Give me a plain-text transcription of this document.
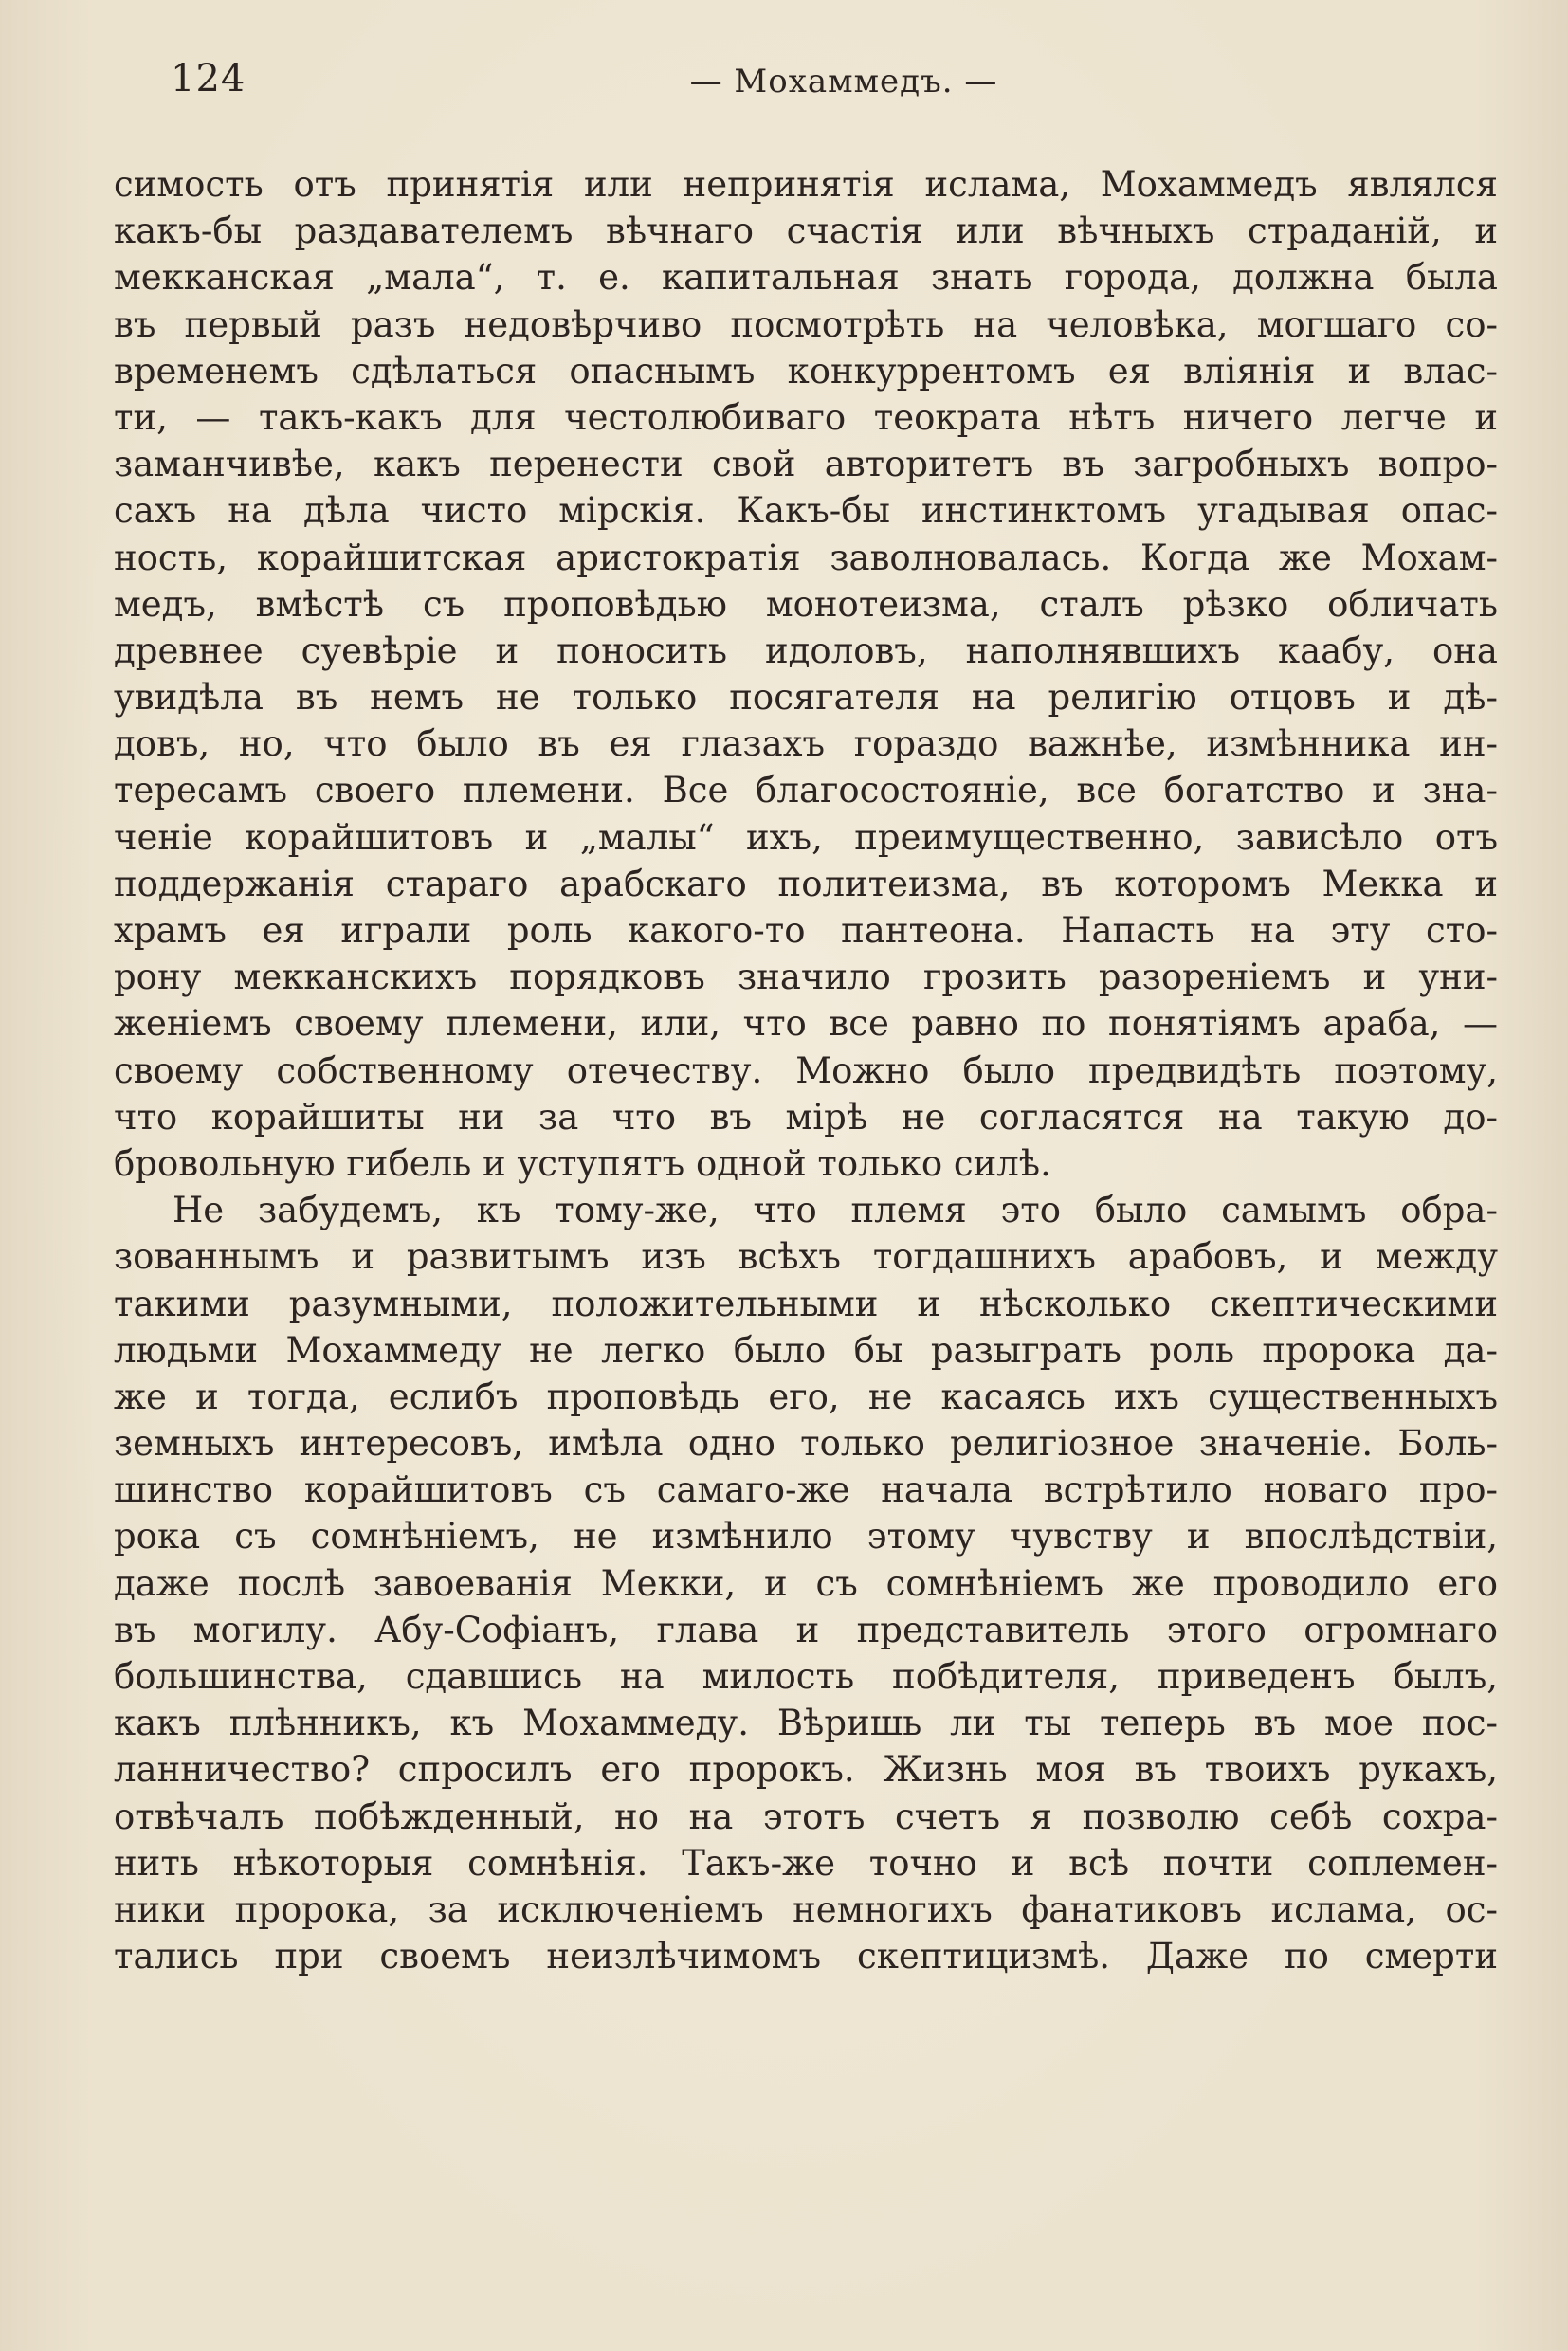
124	— Мохаммедъ. —
симость отъ принятія или непринятія ислама, Мохаммедъ являлся
какъ-бы раздавателемъ вѣчнаго счастія или вѣчныхъ страданій, и
мекканская „мала“, т. е. капитальная знать города, должна была
въ первый разъ недовѣрчиво посмотрѣть на человѣка, могшаго со-
временемъ сдѣлаться опаснымъ конкуррентомъ ея вліянія и влас-
ти, — такъ-какъ для честолюбиваго теократа нѣтъ ничего легче и
заманчивѣе, какъ перенести свой авторитетъ въ загробныхъ вопро-
сахъ на дѣла чисто мірскія. Какъ-бы инстинктомъ угадывая опас-
ность, корайшитская аристократія заволновалась. Когда же Мохам-
медъ, вмѣстѣ съ проповѣдью монотеизма, сталъ рѣзко обличать
древнее суевѣріе и поносить идоловъ, наполнявшихъ каабу, она
увидѣла въ немъ не только посягателя на религію отцовъ и дѣ-
довъ, но, что было въ ея глазахъ гораздо важнѣе, измѣнника ин-
тересамъ своего племени. Все благосостояніе, все богатство и зна-
ченіе корайшитовъ и „малы“ ихъ, преимущественно, зависѣло отъ
поддержанія стараго арабскаго политеизма, въ которомъ Мекка и
храмъ ея играли роль какого-то пантеона. Напасть на эту сто-
рону мекканскихъ порядковъ значило грозить разореніемъ и уни-
женіемъ своему племени, или, что все равно по понятіямъ араба, —
своему собственному отечеству. Можно было предвидѣть поэтому,
что корайшиты ни за что въ мірѣ не согласятся на такую до-
бровольную гибель и уступятъ одной только силѣ.
Не забудемъ, къ тому-же, что племя это было самымъ обра-
зованнымъ и развитымъ изъ всѣхъ тогдашнихъ арабовъ, и между
такими разумными, положительными и нѣсколько скептическими
людьми Мохаммеду не легко было бы разыграть роль пророка да-
же и тогда, еслибъ проповѣдь его, не касаясь ихъ существенныхъ
земныхъ интересовъ, имѣла одно только религіозное значеніе. Боль-
шинство корайшитовъ съ самаго-же начала встрѣтило новаго про-
рока съ сомнѣніемъ, не измѣнило этому чувству и впослѣдствіи,
даже послѣ завоеванія Мекки, и съ сомнѣніемъ же проводило его
въ могилу. Абу-Софіанъ, глава и представитель этого огромнаго
большинства, сдавшись на милость побѣдителя, приведенъ былъ,
какъ плѣнникъ, къ Мохаммеду. Вѣришь ли ты теперь въ мое пос-
ланничество? спросилъ его пророкъ. Жизнь моя въ твоихъ рукахъ,
отвѣчалъ побѣжденный, но на этотъ счетъ я позволю себѣ сохра-
нить нѣкоторыя сомнѣнія. Такъ-же точно и всѣ почти соплемен-
ники пророка, за исключеніемъ немногихъ фанатиковъ ислама, ос-
тались при своемъ неизлѣчимомъ скептицизмѣ. Даже по смерти
